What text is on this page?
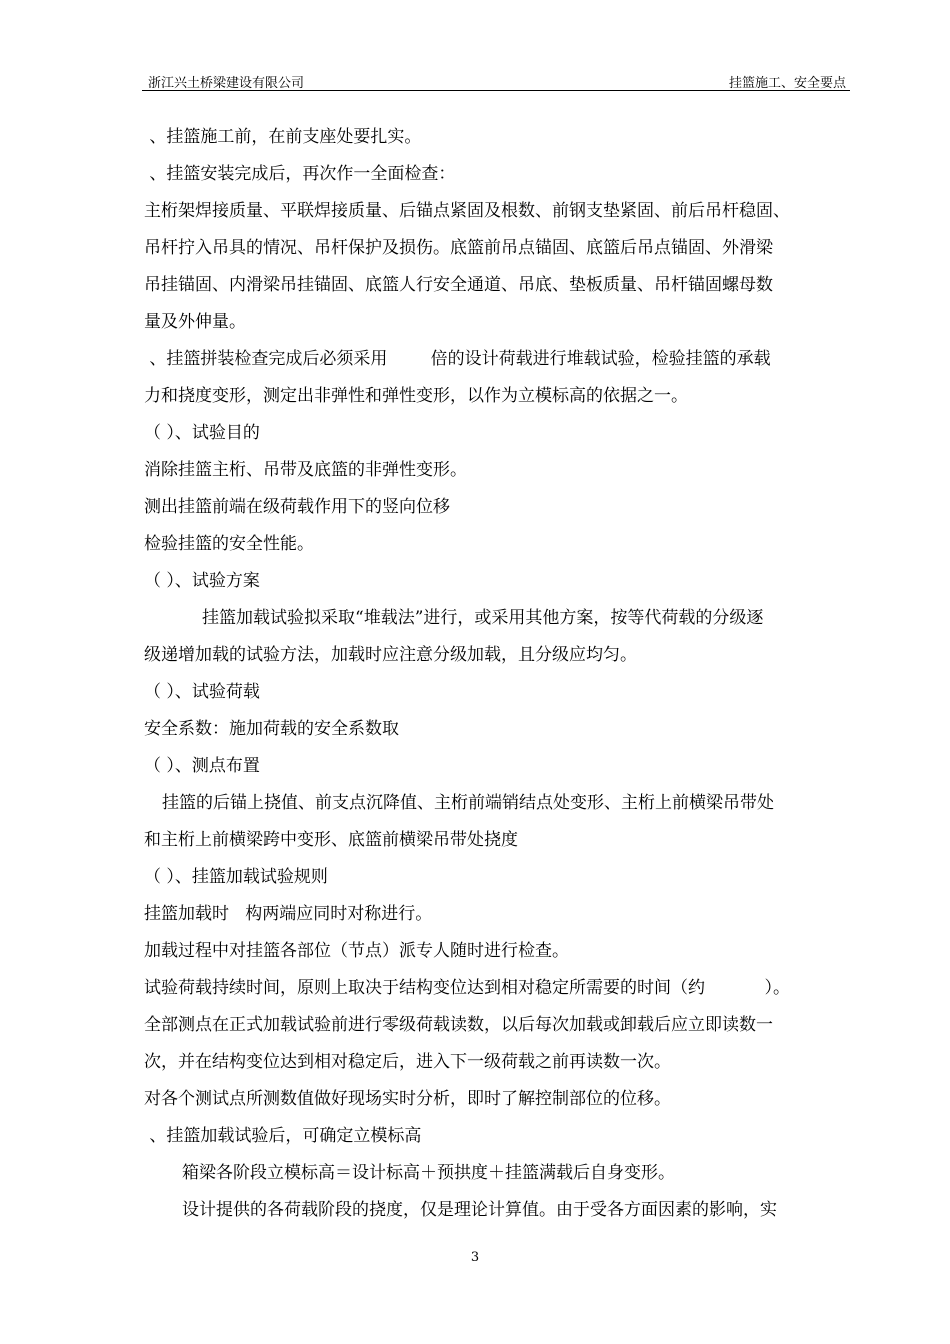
浙江兴土桥梁建设有限公司	挂篮施工、安全要点
、挂篮施工前，在前支座处要扎实。
、挂篮安装完成后，再次作一全面检查：
主桁架焊接质量、平联焊接质量、后锚点紧固及根数、前钢支垫紧固、前后吊杆稳固、
吊杆拧入吊具的情况、吊杆保护及损伤。底篮前吊点锚固、底篮后吊点锚固、外滑梁
吊挂锚固、内滑梁吊挂锚固、底篮人行安全通道、吊底、垫板质量、吊杆锚固螺母数
量及外伸量。
、挂篮拼装检查完成后必须采用        倍的设计荷载进行堆载试验，检验挂篮的承载
力和挠度变形，测定出非弹性和弹性变形，以作为立模标高的依据之一。
（ ）、试验目的
消除挂篮主桁、吊带及底篮的非弹性变形。
测出挂篮前端在级荷载作用下的竖向位移
检验挂篮的安全性能。
（ ）、试验方案
挂篮加载试验拟采取“堆载法”进行，或采用其他方案，按等代荷载的分级逐
级递增加载的试验方法，加载时应注意分级加载，且分级应均匀。
（ ）、试验荷载
安全系数：施加荷载的安全系数取
（ ）、测点布置
挂篮的后锚上挠值、前支点沉降值、主桁前端销结点处变形、主桁上前横梁吊带处
和主桁上前横梁跨中变形、底篮前横梁吊带处挠度
（ ）、挂篮加载试验规则
挂篮加载时   构两端应同时对称进行。
加载过程中对挂篮各部位（节点）派专人随时进行检查。
试验荷载持续时间，原则上取决于结构变位达到相对稳定所需要的时间（约           ）。
全部测点在正式加载试验前进行零级荷载读数，以后每次加载或卸载后应立即读数一
次，并在结构变位达到相对稳定后，进入下一级荷载之前再读数一次。
对各个测试点所测数值做好现场实时分析，即时了解控制部位的位移。
、挂篮加载试验后，可确定立模标高
箱梁各阶段立模标高＝设计标高＋预拱度＋挂篮满载后自身变形。
设计提供的各荷载阶段的挠度，仅是理论计算值。由于受各方面因素的影响，实
3
